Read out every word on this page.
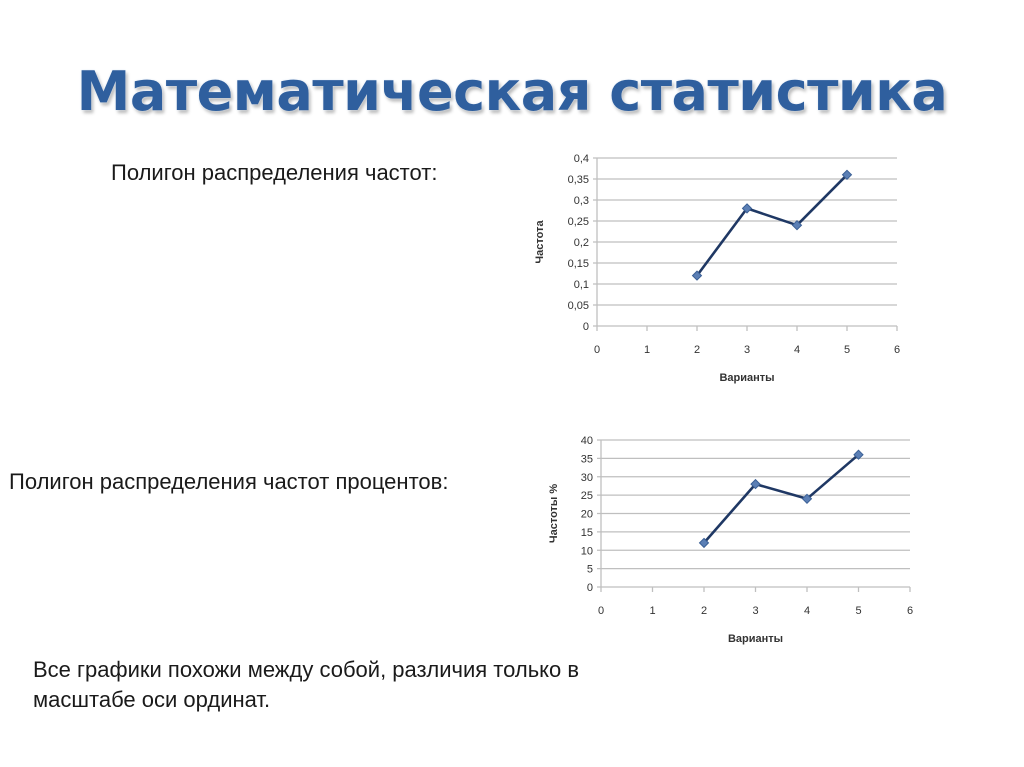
Математическая статистика
Полигон распределения частот:
Полигон распределения частот процентов:
Все графики похожи между собой, различия только в масштабе оси ординат.
0
0,05
0,1
0,15
0,2
0,25
0,3
0,35
0,4
0	1	2	3	4	5	6
Варианты
Частота
0
5
10
15
20
25
30
35
40
0	1	2	3	4	5	6
Варианты
Частоты %
